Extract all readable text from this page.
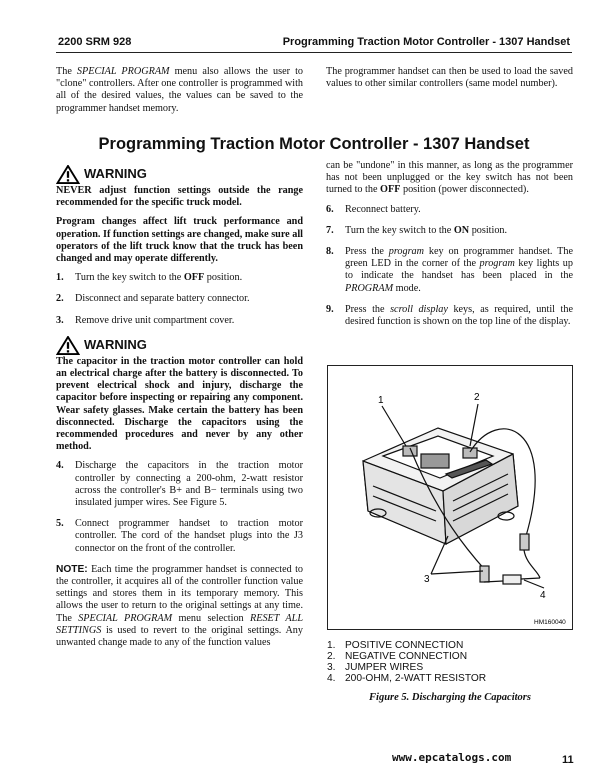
2200 SRM 928	Programming Traction Motor Controller - 1307 Handset

The SPECIAL PROGRAM menu also allows the user to "clone" controllers. After one controller is programmed with all of the desired values, the values can be saved to the programmer handset memory.

The programmer handset can then be used to load the saved values to other similar controllers (same model number).

Programming Traction Motor Controller - 1307 Handset
WARNING

NEVER adjust function settings outside the range recommended for the specific truck model.

Program changes affect lift truck performance and operation. If function settings are changed, make sure all operators of the lift truck know that the truck has been changed and may operate differently.

1. Turn the key switch to the OFF position.
2. Disconnect and separate battery connector.
3. Remove drive unit compartment cover.
WARNING

The capacitor in the traction motor controller can hold an electrical charge after the battery is disconnected. To prevent electrical shock and injury, discharge the capacitor before inspecting or repairing any component. Wear safety glasses. Make certain the battery has been disconnected. Discharge the capacitors using the recommended procedures and never by any other method.

4. Discharge the capacitors in the traction motor controller by connecting a 200-ohm, 2-watt resistor across the controller's B+ and B− terminals using two insulated jumper wires. See Figure 5.
5. Connect programmer handset to traction motor controller. The cord of the handset plugs into the J3 connector on the front of the controller.

NOTE: Each time the programmer handset is connected to the controller, it acquires all of the controller function value settings and stores them in its temporary memory. This allows the user to return to the original settings at any time. The SPECIAL PROGRAM menu selection RESET ALL SETTINGS is used to revert to the original settings. Any unwanted change made to any of the function values

can be "undone" in this manner, as long as the programmer has not been unplugged or the key switch has not been turned to the OFF position (power disconnected).

6. Reconnect battery.
7. Turn the key switch to the ON position.
8. Press the program key on programmer handset. The green LED in the corner of the program key lights up to indicate the handset has been placed in the PROGRAM mode.
9. Press the scroll display keys, as required, until the desired function is shown on the top line of the display.
1	2
3
4
HM160040
1. POSITIVE CONNECTION
2. NEGATIVE CONNECTION
3. JUMPER WIRES
4. 200-OHM, 2-WATT RESISTOR
Figure 5. Discharging the Capacitors
www.epcatalogs.com	11
